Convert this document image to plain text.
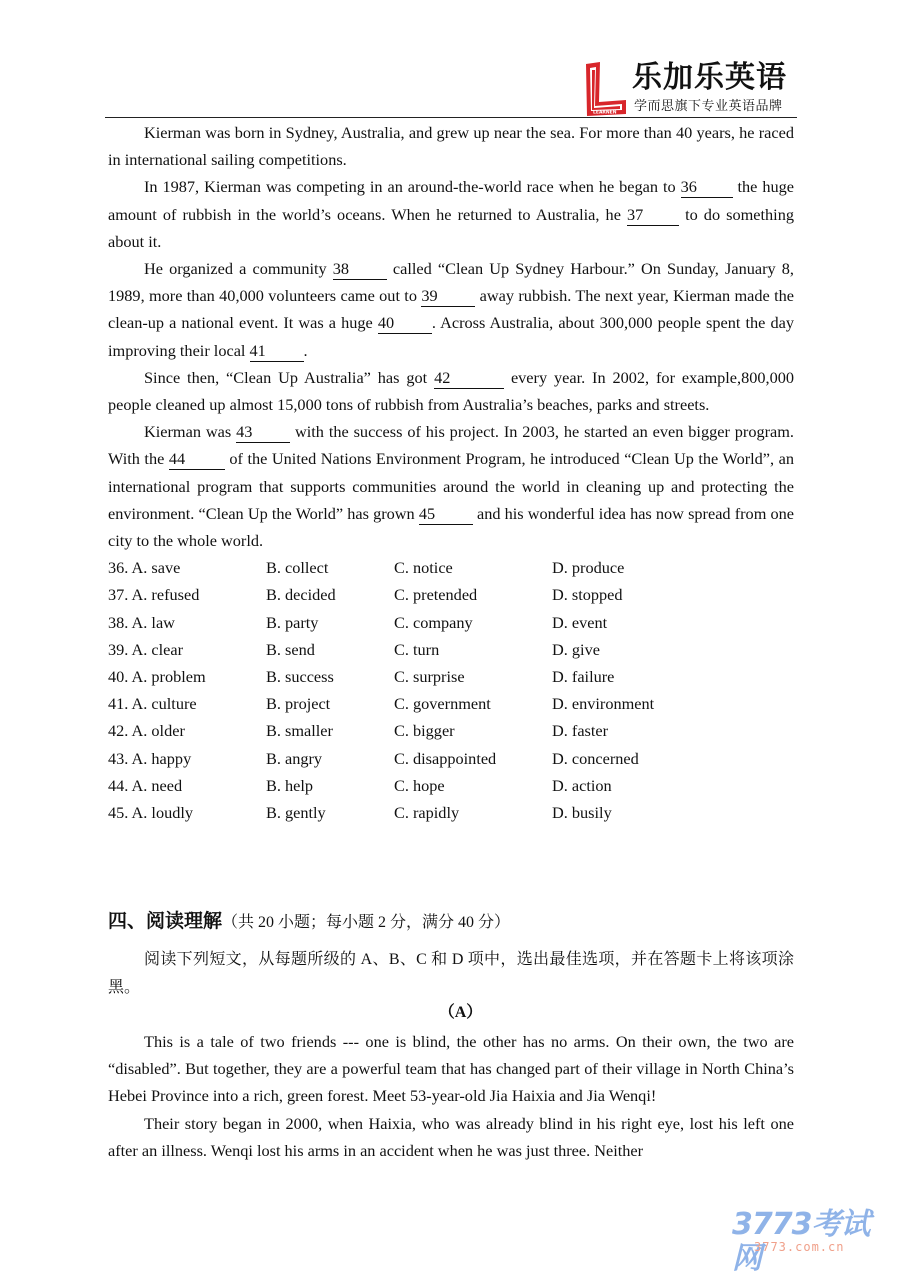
LEARNEN
乐加乐英语
学而思旗下专业英语品牌

Kierman was born in Sydney, Australia, and grew up near the sea. For more than 40 years, he raced in international sailing competitions.

In 1987, Kierman was competing in an around-the-world race when he began to 36 the huge amount of rubbish in the world’s oceans. When he returned to Australia, he 37 to do something about it.

He organized a community 38 called “Clean Up Sydney Harbour.” On Sunday, January 8, 1989, more than 40,000 volunteers came out to 39 away rubbish. The next year, Kierman made the clean-up a national event. It was a huge 40 . Across Australia, about 300,000 people spent the day improving their local 41 .

Since then, “Clean Up Australia” has got 42	every year. In 2002, for example,800,000 people cleaned up almost 15,000 tons of rubbish from Australia’s beaches, parks and streets.

Kierman was 43 with the success of his project. In 2003, he started an even bigger program. With the 44 of the United Nations Environment Program, he introduced “Clean Up the World”, an international program that supports communities around the world in cleaning up and protecting the environment. “Clean Up the World” has grown 45 and his wonderful idea has now spread from one city to the whole world.

36. A. save	B. collect	C. notice	D. produce
37. A. refused	B. decided	C. pretended	D. stopped
38. A. law	B. party	C. company	D. event
39. A. clear	B. send	C. turn	D. give
40. A. problem	B. success	C. surprise	D. failure
41. A. culture	B. project	C. government	D. environment
42. A. older	B. smaller	C. bigger	D. faster
43. A. happy	B. angry	C. disappointed	D. concerned
44. A. need	B. help	C. hope	D. action
45. A. loudly	B. gently	C. rapidly	D. busily
四、阅读理解（共 20 小题；每小题 2 分，满分 40 分）
阅读下列短文，从每题所级的 A、B、C 和 D 项中，选出最佳选项，并在答题卡上将该项涂黑。
（A）

This is a tale of two friends --- one is blind, the other has no arms. On their own, the two are “disabled”. But together, they are a powerful team that has changed part of their village in North China’s Hebei Province into a rich, green forest. Meet 53-year-old Jia Haixia and Jia Wenqi!

Their story began in 2000, when Haixia, who was already blind in his right eye, lost his left one after an illness. Wenqi lost his arms in an accident when he was just three. Neither

3773考试网
3773.com.cn
